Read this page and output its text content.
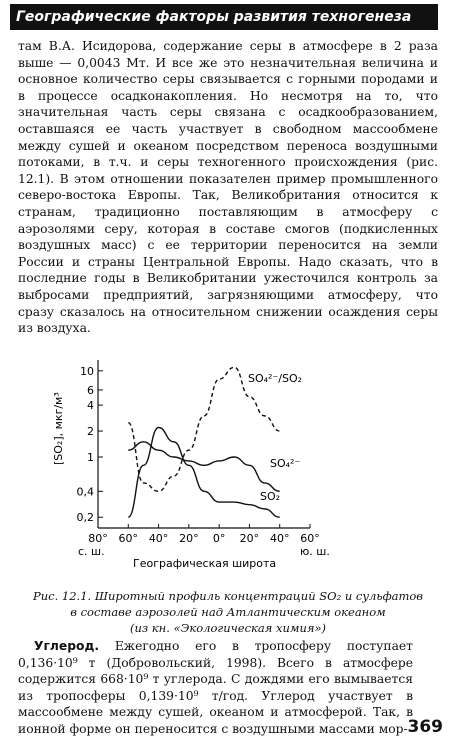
Географические факторы развития техногенеза

там В.А. Исидорова, содержание серы в атмосфере в 2 раза выше — 0,0043 Мт. И все же это незначительная величина и основное количество серы связывается с горными породами и в процессе осадконакопления. Но несмотря на то, что значительная часть серы связана с осадкообразованием, оставшаяся ее часть участвует в свободном массообмене между сушей и океаном посредством переноса воздушными потоками, в т.ч. и серы техногенного происхождения (рис. 12.1). В этом отношении показателен пример промышленного северо-востока Европы. Так, Великобритания относится к странам, традиционно поставляющим в атмосферу с аэрозолями серу, которая в составе смогов (подкисленных воздушных масс) с ее территории переносится на земли России и страны Центральной Европы. Надо сказать, что в последние годы в Великобритании ужесточился контроль за выбросами предприятий, загрязняющими атмосферу, что сразу сказалось на относительном снижении осаждения серы из воздуха.

10
6
4
2
1
0,4
0,2
80° 60° 40° 20° 0° 20° 40° 60°
[SO₂], мкг/м³
с. ш.	ю. ш.
Географическая широта
SO₄²⁻/SO₂
SO₄²⁻
SO₂
Рис. 12.1. Широтный профиль концентраций SO₂ и сульфатов
в составе аэрозолей над Атлантическим океаном
(из кн. «Экологическая химия»)

Углерод. Ежегодно его в тропосферу поступает 0,136·10⁹ т (Добровольский, 1998). Всего в атмосфере содержится 668·10⁹ т углерода. С дождями его вымывается из тропосферы 0,139·10⁹ т/год. Углерод участвует в массообмене между сушей, океаном и атмосферой. Так, в ионной форме он переносится с воздушными массами мор- 369
